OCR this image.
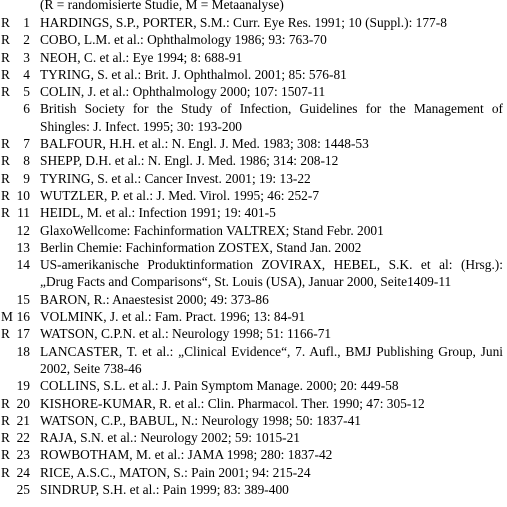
(R = randomisierte Studie, M = Metaanalyse)
R 1 HARDINGS, S.P., PORTER, S.M.: Curr. Eye Res. 1991; 10 (Suppl.): 177-8
R 2 COBO, L.M. et al.: Ophthalmology 1986; 93: 763-70
R 3 NEOH, C. et al.: Eye 1994; 8: 688-91
R 4 TYRING, S. et al.: Brit. J. Ophthalmol. 2001; 85: 576-81
R 5 COLIN, J. et al.: Ophthalmology 2000; 107: 1507-11
6 British Society for the Study of Infection, Guidelines for the Management of Shingles: J. Infect. 1995; 30: 193-200
R 7 BALFOUR, H.H. et al.: N. Engl. J. Med. 1983; 308: 1448-53
R 8 SHEPP, D.H. et al.: N. Engl. J. Med. 1986; 314: 208-12
R 9 TYRING, S. et al.: Cancer Invest. 2001; 19: 13-22
R 10 WUTZLER, P. et al.: J. Med. Virol. 1995; 46: 252-7
R 11 HEIDL, M. et al.: Infection 1991; 19: 401-5
12 GlaxoWellcome: Fachinformation VALTREX; Stand Febr. 2001
13 Berlin Chemie: Fachinformation ZOSTEX, Stand Jan. 2002
14 US-amerikanische Produktinformation ZOVIRAX, HEBEL, S.K. et al: (Hrsg.): „Drug Facts and Comparisons“, St. Louis (USA), Januar 2000, Seite1409-11
15 BARON, R.: Anaestesist 2000; 49: 373-86
M 16 VOLMINK, J. et al.: Fam. Pract. 1996; 13: 84-91
R 17 WATSON, C.P.N. et al.: Neurology 1998; 51: 1166-71
18 LANCASTER, T. et al.: „Clinical Evidence“, 7. Aufl., BMJ Publishing Group, Juni 2002, Seite 738-46
19 COLLINS, S.L. et al.: J. Pain Symptom Manage. 2000; 20: 449-58
R 20 KISHORE-KUMAR, R. et al.: Clin. Pharmacol. Ther. 1990; 47: 305-12
R 21 WATSON, C.P., BABUL, N.: Neurology 1998; 50: 1837-41
R 22 RAJA, S.N. et al.: Neurology 2002; 59: 1015-21
R 23 ROWBOTHAM, M. et al.: JAMA 1998; 280: 1837-42
R 24 RICE, A.S.C., MATON, S.: Pain 2001; 94: 215-24
25 SINDRUP, S.H. et al.: Pain 1999; 83: 389-400
